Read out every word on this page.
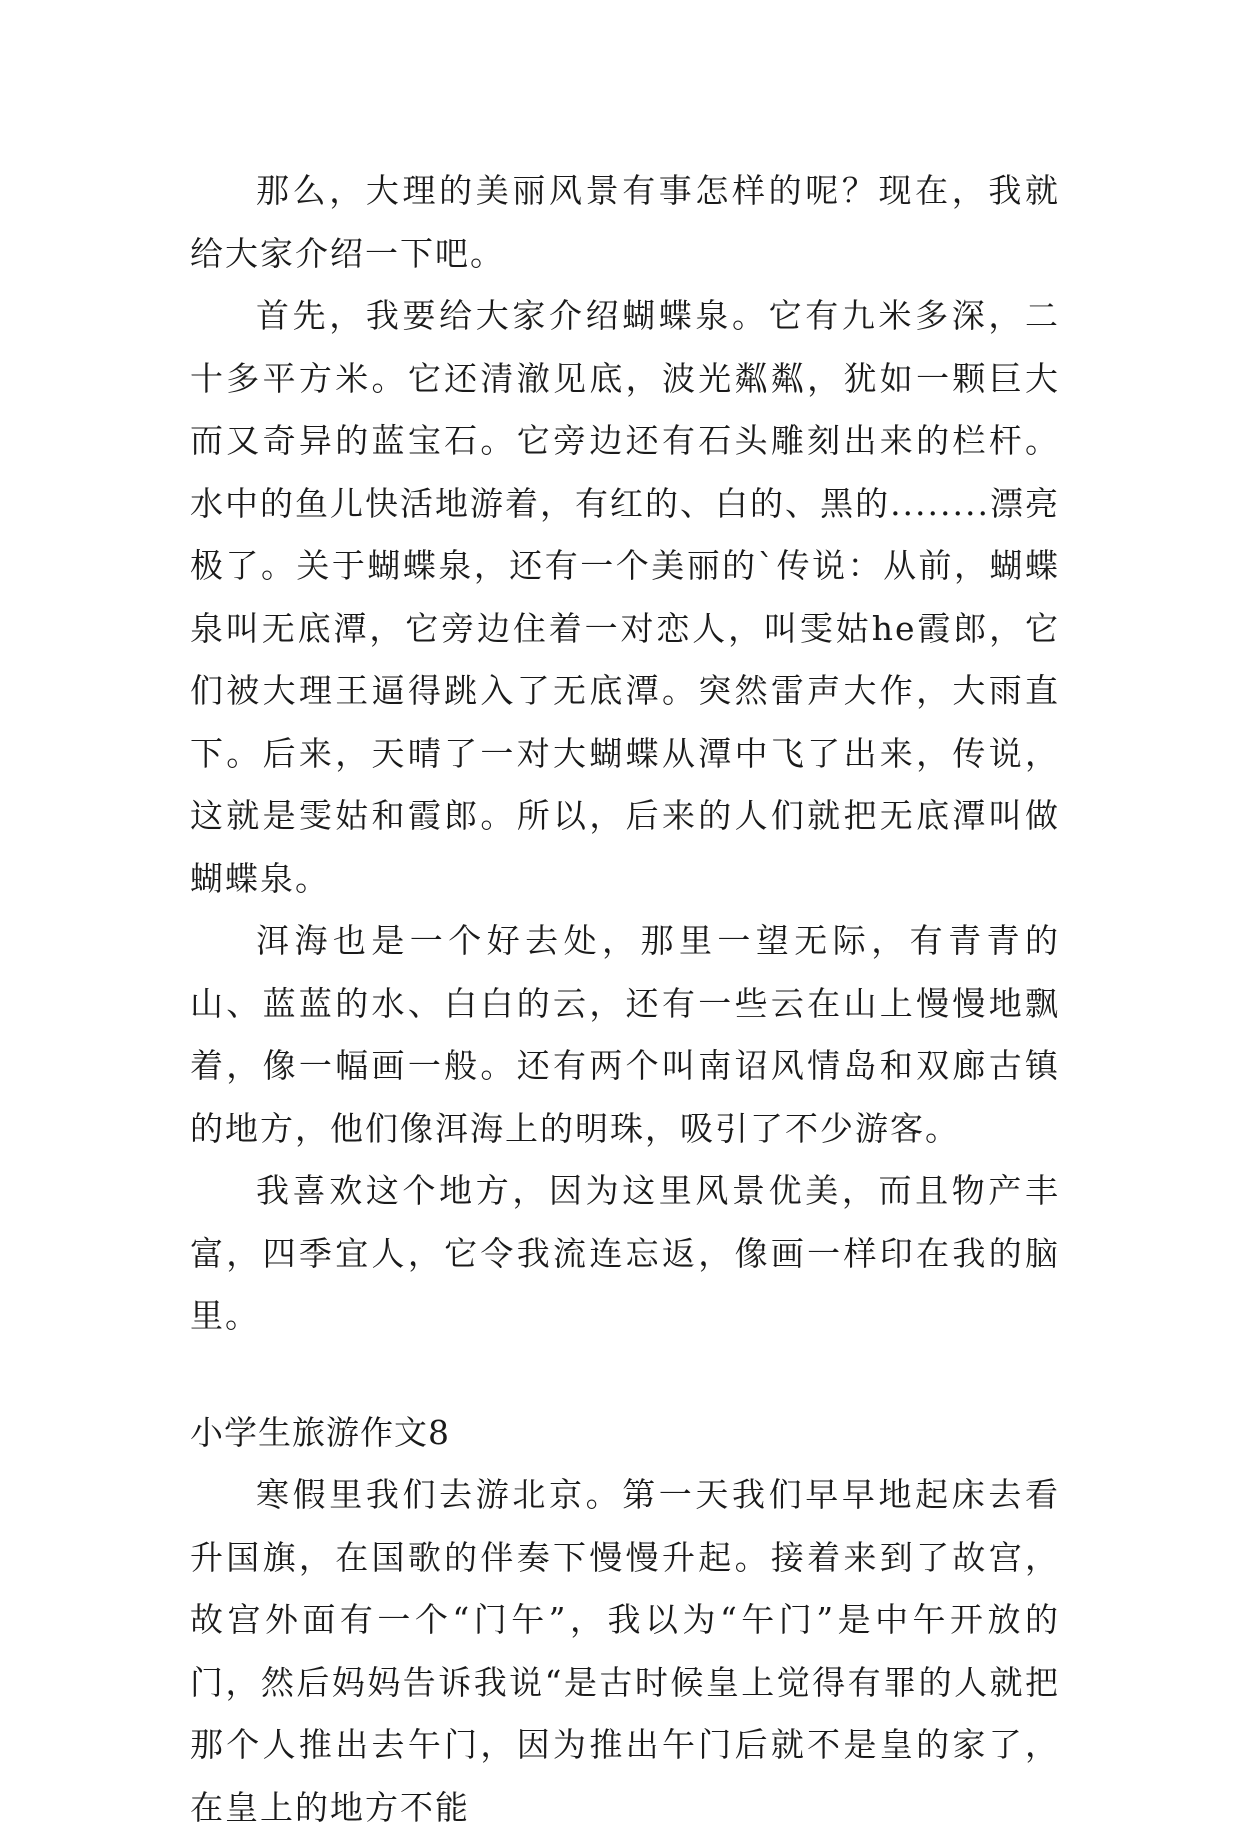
那么，大理的美丽风景有事怎样的呢？现在，我就给大家介绍一下吧。

首先，我要给大家介绍蝴蝶泉。它有九米多深，二十多平方米。它还清澈见底，波光粼粼，犹如一颗巨大而又奇异的蓝宝石。它旁边还有石头雕刻出来的栏杆。水中的鱼儿快活地游着，有红的、白的、黑的........漂亮极了。关于蝴蝶泉，还有一个美丽的`传说：从前，蝴蝶泉叫无底潭，它旁边住着一对恋人，叫雯姑he霞郎，它们被大理王逼得跳入了无底潭。突然雷声大作，大雨直下。后来，天晴了一对大蝴蝶从潭中飞了出来，传说，这就是雯姑和霞郎。所以，后来的人们就把无底潭叫做蝴蝶泉。

洱海也是一个好去处，那里一望无际，有青青的山、蓝蓝的水、白白的云，还有一些云在山上慢慢地飘着，像一幅画一般。还有两个叫南诏风情岛和双廊古镇的地方，他们像洱海上的明珠，吸引了不少游客。

我喜欢这个地方，因为这里风景优美，而且物产丰富，四季宜人，它令我流连忘返，像画一样印在我的脑里。

小学生旅游作文8

寒假里我们去游北京。第一天我们早早地起床去看升国旗，在国歌的伴奏下慢慢升起。接着来到了故宫，故宫外面有一个“门午”，我以为“午门”是中午开放的门，然后妈妈告诉我说“是古时候皇上觉得有罪的人就把那个人推出去午门，因为推出午门后就不是皇的家了，在皇上的地方不能
